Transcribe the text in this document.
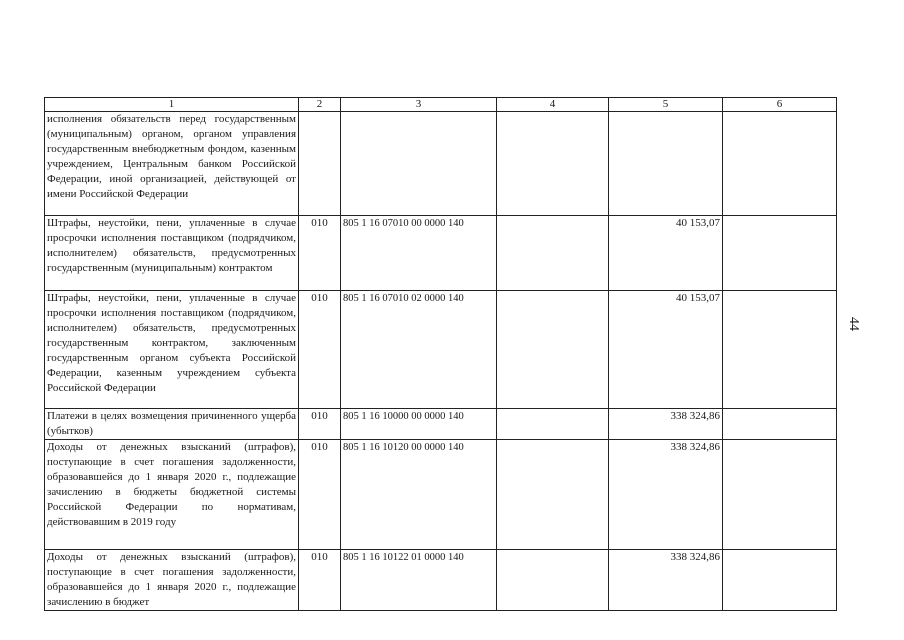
1	2	3	4	5	6
исполнения обязательств перед государственным (муниципальным) органом, органом управления государственным внебюджетным фондом, казенным учреждением, Центральным банком Российской Федерации, иной организацией, действующей от имени Российской Федерации					
Штрафы, неустойки, пени, уплаченные в случае просрочки исполнения поставщиком (подрядчиком, исполнителем) обязательств, предусмотренных государственным (муниципальным) контрактом	010	805 1 16 07010 00 0000 140		40 153,07	
Штрафы, неустойки, пени, уплаченные в случае просрочки исполнения поставщиком (подрядчиком, исполнителем) обязательств, предусмотренных государственным контрактом, заключенным государственным органом субъекта Российской Федерации, казенным учреждением субъекта Российской Федерации	010	805 1 16 07010 02 0000 140		40 153,07	
Платежи в целях возмещения причиненного ущерба (убытков)	010	805 1 16 10000 00 0000 140		338 324,86	
Доходы от денежных взысканий (штрафов), поступающие в счет погашения задолженности, образовавшейся до 1 января 2020 г., подлежащие зачислению в бюджеты бюджетной системы Российской Федерации по нормативам, действовавшим в 2019 году	010	805 1 16 10120 00 0000 140		338 324,86	
Доходы от денежных взысканий (штрафов), поступающие в счет погашения задолженности, образовавшейся до 1 января 2020 г., подлежащие зачислению в бюджет	010	805 1 16 10122 01 0000 140		338 324,86	
44
